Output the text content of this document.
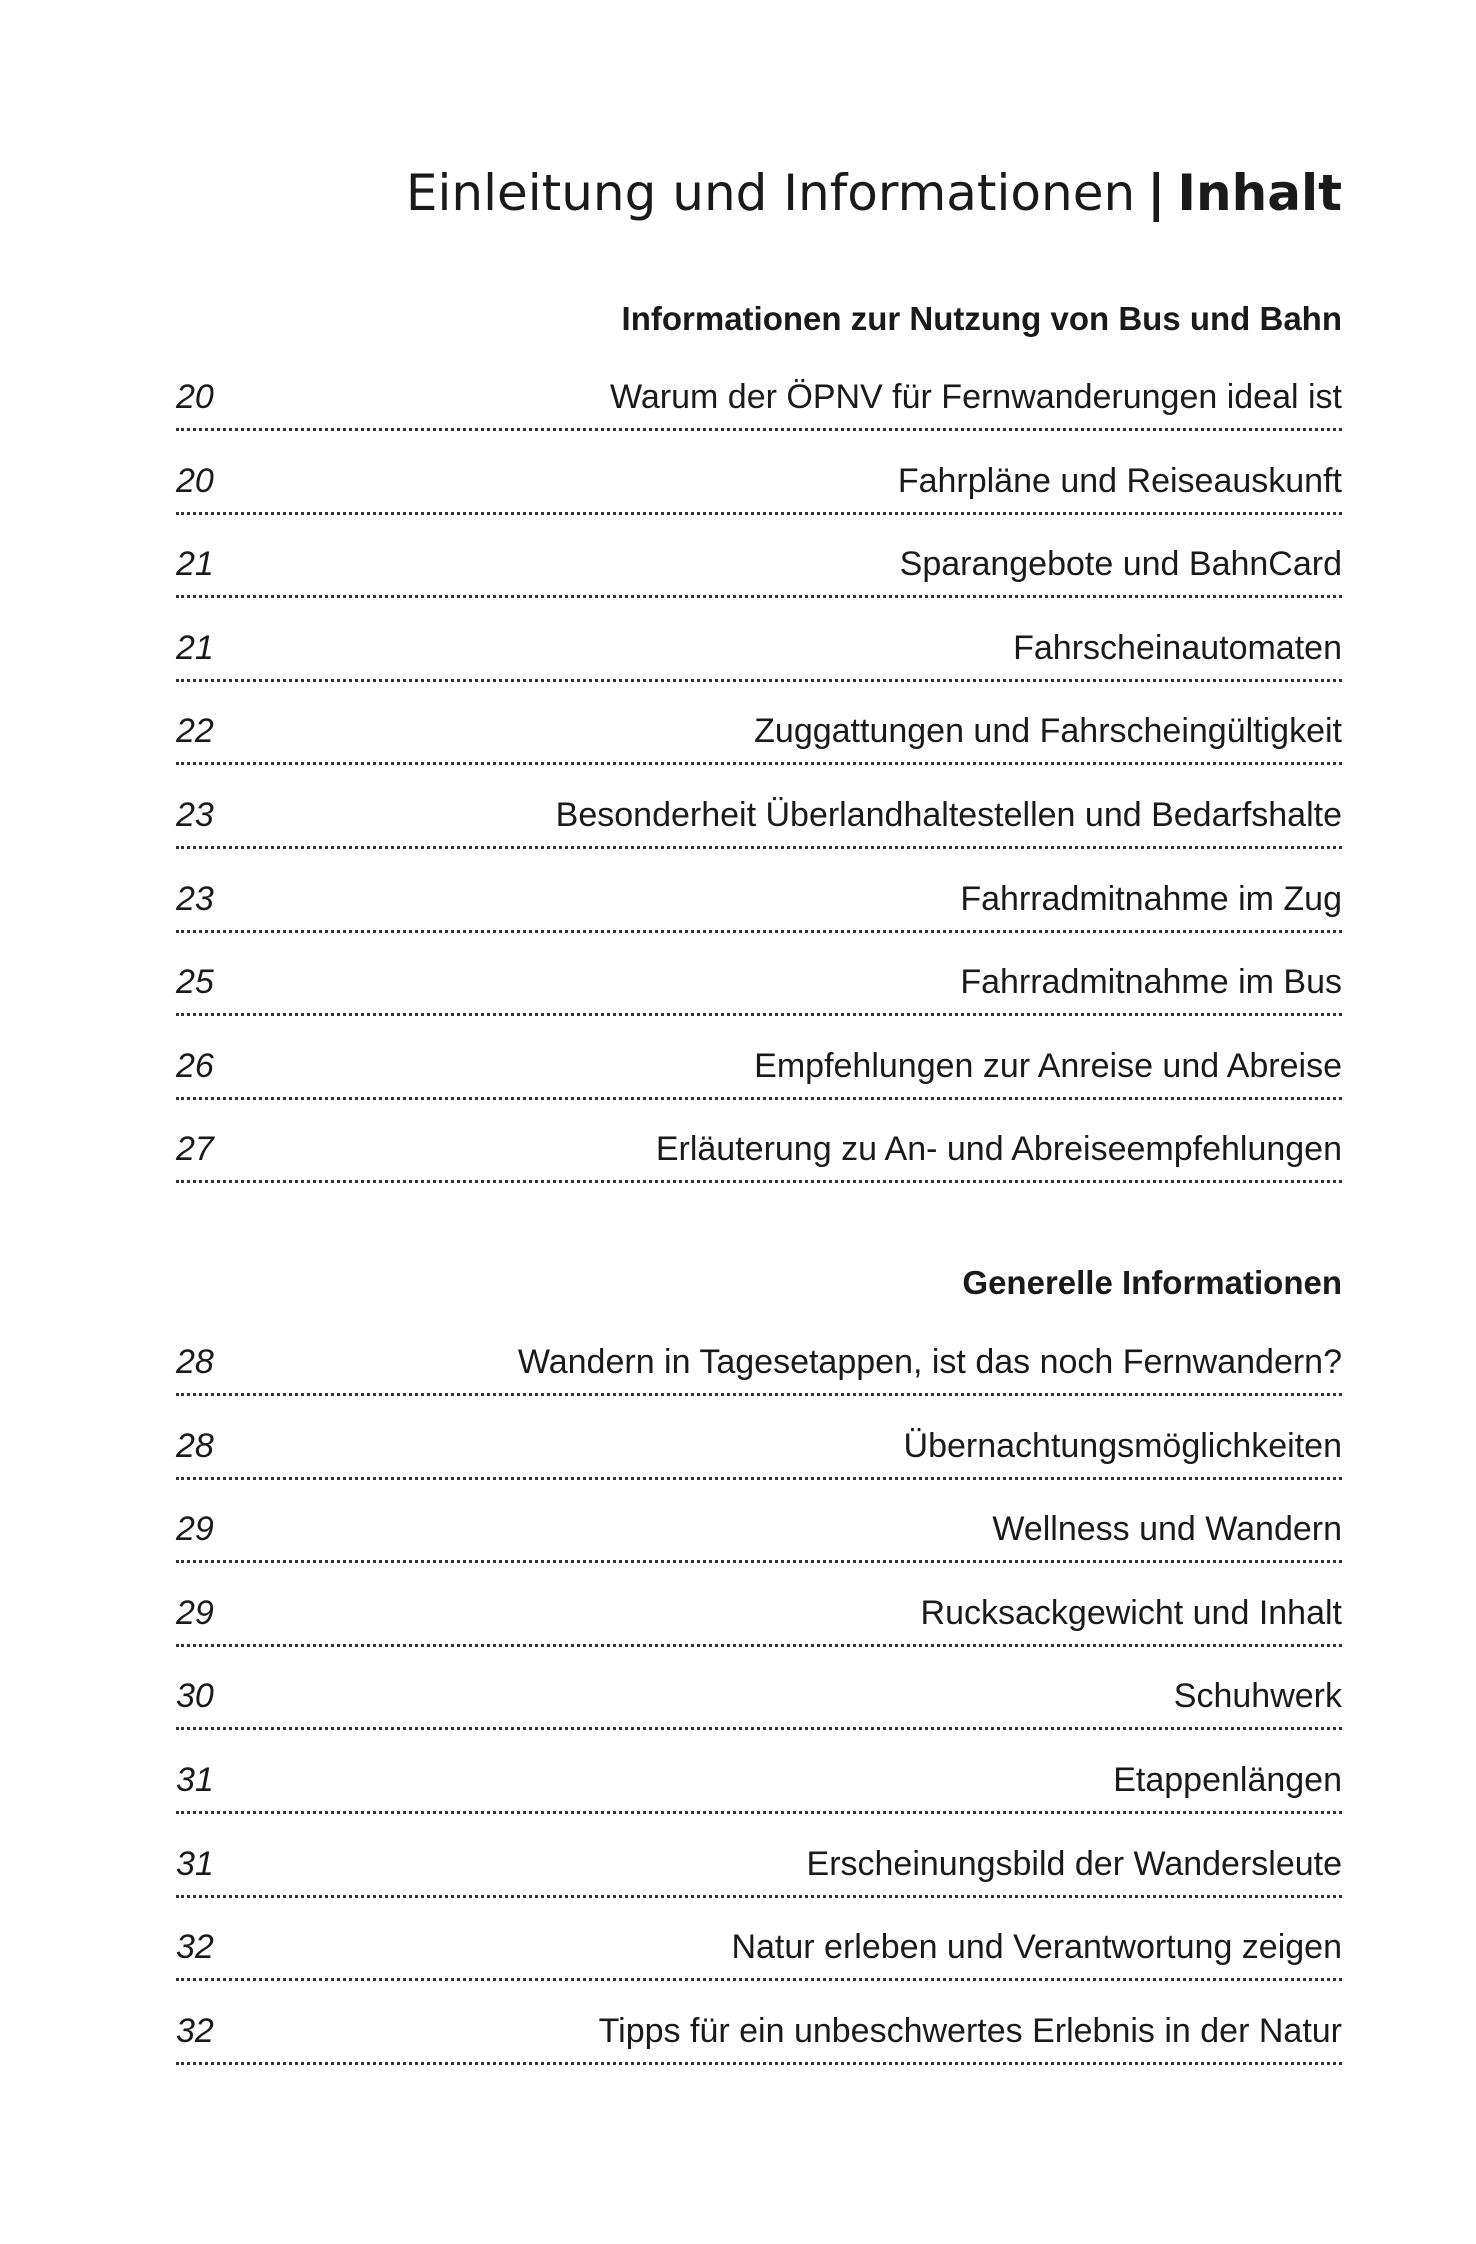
Einleitung und Informationen | Inhalt
Informationen zur Nutzung von Bus und Bahn
20	Warum der ÖPNV für Fernwanderungen ideal ist
20	Fahrpläne und Reiseauskunft
21	Sparangebote und BahnCard
21	Fahrscheinautomaten
22	Zuggattungen und Fahrscheingültigkeit
23	Besonderheit Überlandhaltestellen und Bedarfshalte
23	Fahrradmitnahme im Zug
25	Fahrradmitnahme im Bus
26	Empfehlungen zur Anreise und Abreise
27	Erläuterung zu An- und Abreiseempfehlungen
Generelle Informationen
28	Wandern in Tagesetappen, ist das noch Fernwandern?
28	Übernachtungsmöglichkeiten
29	Wellness und Wandern
29	Rucksackgewicht und Inhalt
30	Schuhwerk
31	Etappenlängen
31	Erscheinungsbild der Wandersleute
32	Natur erleben und Verantwortung zeigen
32	Tipps für ein unbeschwertes Erlebnis in der Natur
